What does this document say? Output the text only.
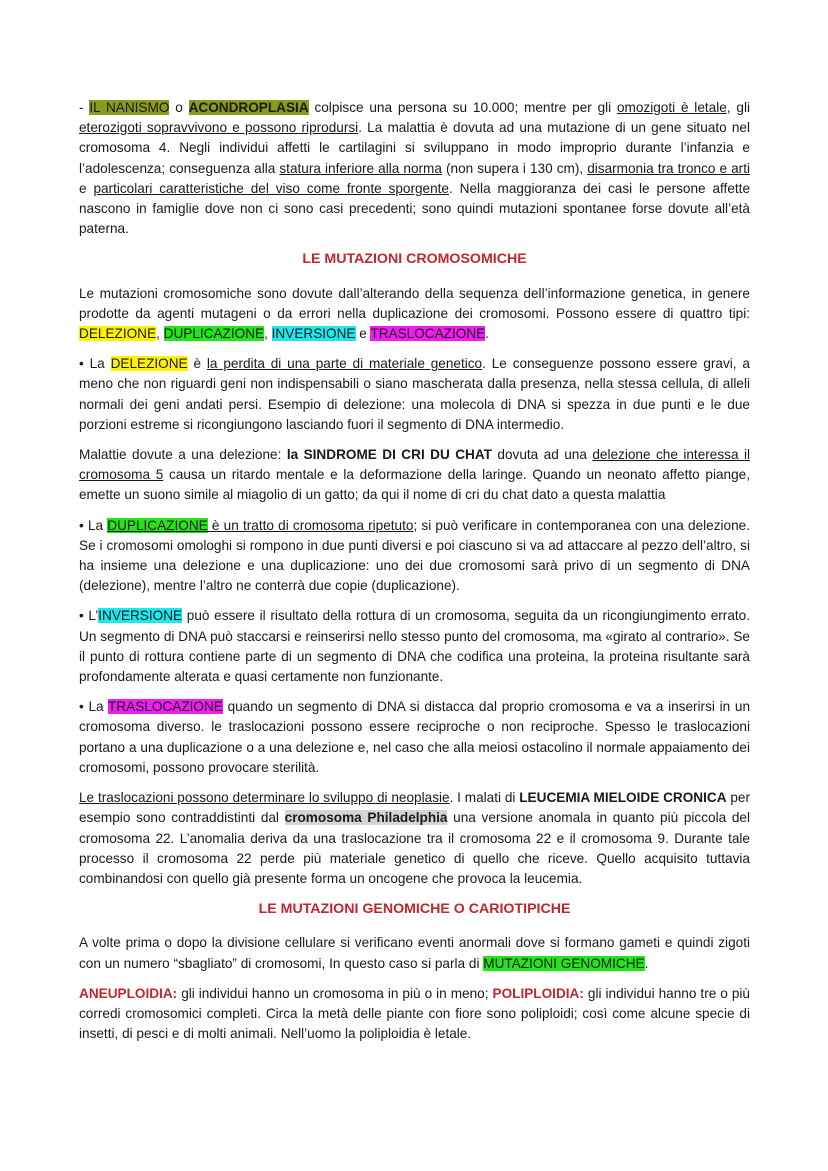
- IL NANISMO o ACONDROPLASIA colpisce una persona su 10.000; mentre per gli omozigoti è letale, gli eterozigoti sopravvivono e possono riprodursi. La malattia è dovuta ad una mutazione di un gene situato nel cromosoma 4. Negli individui affetti le cartilagini si sviluppano in modo improprio durante l’infanzia e l’adolescenza; conseguenza alla statura inferiore alla norma (non supera i 130 cm), disarmonia tra tronco e arti e particolari caratteristiche del viso come fronte sporgente. Nella maggioranza dei casi le persone affette nascono in famiglie dove non ci sono casi precedenti; sono quindi mutazioni spontanee forse dovute all’età paterna.

LE MUTAZIONI CROMOSOMICHE

Le mutazioni cromosomiche sono dovute dall’alterando della sequenza dell’informazione genetica, in genere prodotte da agenti mutageni o da errori nella duplicazione dei cromosomi. Possono essere di quattro tipi: DELEZIONE, DUPLICAZIONE, INVERSIONE e TRASLOCAZIONE.

• La DELEZIONE è la perdita di una parte di materiale genetico. Le conseguenze possono essere gravi, a meno che non riguardi geni non indispensabili o siano mascherata dalla presenza, nella stessa cellula, di alleli normali dei geni andati persi. Esempio di delezione: una molecola di DNA si spezza in due punti e le due porzioni estreme si ricongiungono lasciando fuori il segmento di DNA intermedio.

Malattie dovute a una delezione: la SINDROME DI CRI DU CHAT dovuta ad una delezione che interessa il cromosoma 5 causa un ritardo mentale e la deformazione della laringe. Quando un neonato affetto piange, emette un suono simile al miagolio di un gatto; da qui il nome di cri du chat dato a questa malattia

• La DUPLICAZIONE è un tratto di cromosoma ripetuto; si può verificare in contemporanea con una delezione. Se i cromosomi omologhi si rompono in due punti diversi e poi ciascuno si va ad attaccare al pezzo dell’altro, si ha insieme una delezione e una duplicazione: uno dei due cromosomi sarà privo di un segmento di DNA (delezione), mentre l’altro ne conterrà due copie (duplicazione).

• L’INVERSIONE può essere il risultato della rottura di un cromosoma, seguita da un ricongiungimento errato. Un segmento di DNA può staccarsi e reinserirsi nello stesso punto del cromosoma, ma «girato al contrario». Se il punto di rottura contiene parte di un segmento di DNA che codifica una proteina, la proteina risultante sarà profondamente alterata e quasi certamente non funzionante.

• La TRASLOCAZIONE quando un segmento di DNA si distacca dal proprio cromosoma e va a inserirsi in un cromosoma diverso. le traslocazioni possono essere reciproche o non reciproche. Spesso le traslocazioni portano a una duplicazione o a una delezione e, nel caso che alla meiosi ostacolino il normale appaiamento dei cromosomi, possono provocare sterilità.

Le traslocazioni possono determinare lo sviluppo di neoplasie. I malati di LEUCEMIA MIELOIDE CRONICA per esempio sono contraddistinti dal cromosoma Philadelphia una versione anomala in quanto più piccola del cromosoma 22. L’anomalia deriva da una traslocazione tra il cromosoma 22 e il cromosoma 9. Durante tale processo il cromosoma 22 perde più materiale genetico di quello che riceve. Quello acquisito tuttavia combinandosi con quello già presente forma un oncogene che provoca la leucemia.

LE MUTAZIONI GENOMICHE O CARIOTIPICHE

A volte prima o dopo la divisione cellulare si verificano eventi anormali dove si formano gameti e quindi zigoti con un numero “sbagliato” di cromosomi, In questo caso si parla di MUTAZIONI GENOMICHE.

ANEUPLOIDIA: gli individui hanno un cromosoma in più o in meno; POLIPLOIDIA: gli individui hanno tre o più corredi cromosomici completi. Circa la metà delle piante con fiore sono poliploidi; così come alcune specie di insetti, di pesci e di molti animali. Nell’uomo la poliploidia è letale.
